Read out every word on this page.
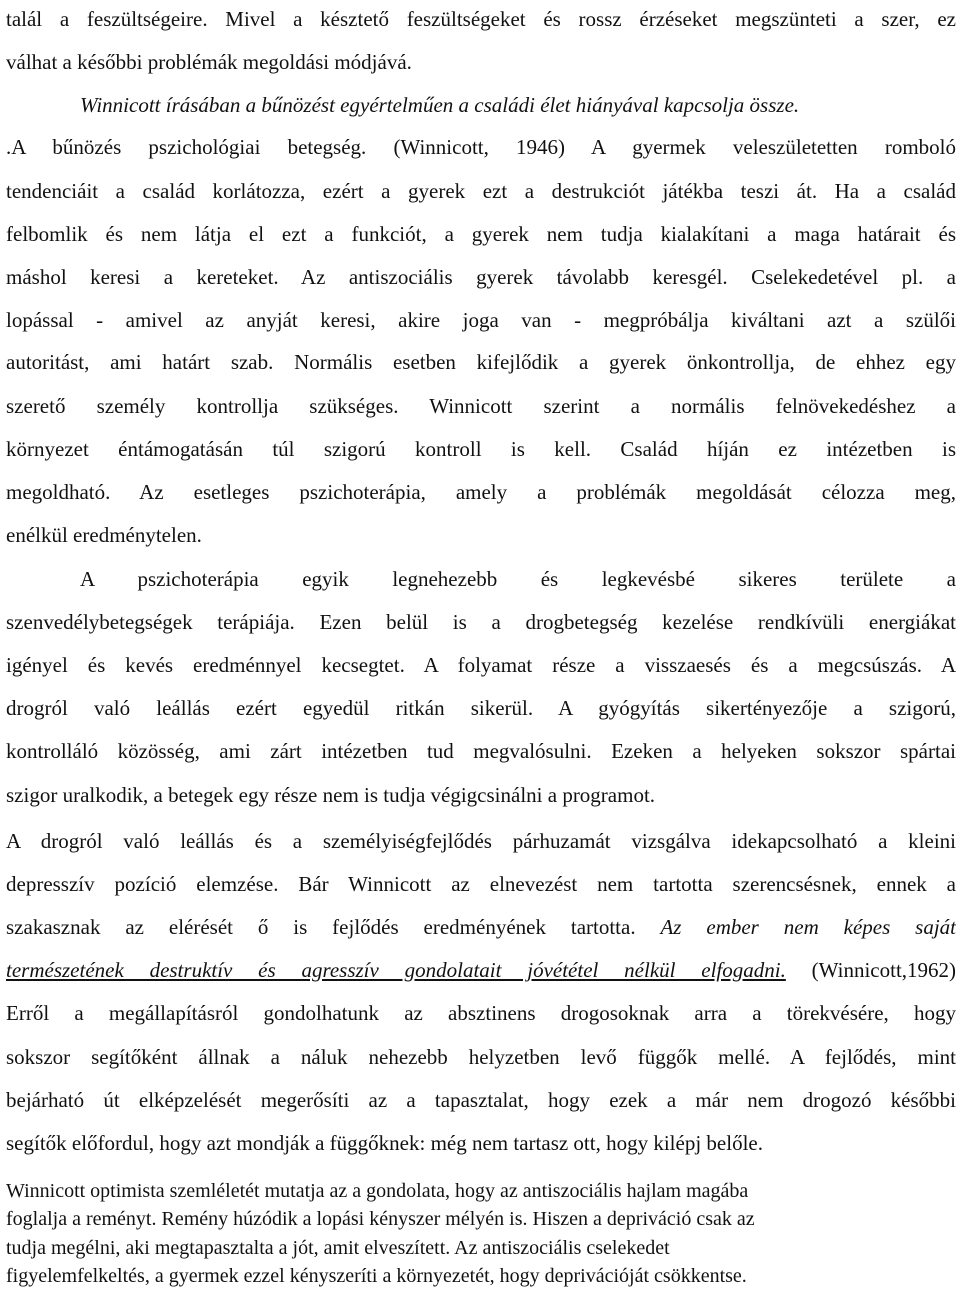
talál a feszültségeire. Mivel a késztető feszültségeket és rossz érzéseket megszünteti a szer, ez
válhat a későbbi problémák megoldási módjává.
Winnicott írásában a bűnözést egyértelműen a családi élet hiányával kapcsolja össze.
.A bűnözés pszichológiai betegség. (Winnicott, 1946) A gyermek veleszületetten romboló
tendenciáit a család korlátozza, ezért a gyerek ezt a destrukciót játékba teszi át. Ha a család
felbomlik és nem látja el ezt a funkciót, a gyerek nem tudja kialakítani a maga határait és
máshol keresi a kereteket. Az antiszociális gyerek távolabb keresgél. Cselekedetével pl. a
lopással - amivel az anyját keresi, akire joga van - megpróbálja kiváltani azt a szülői
autoritást, ami határt szab. Normális esetben kifejlődik a gyerek önkontrollja, de ehhez egy
szerető személy kontrollja szükséges. Winnicott szerint a normális felnövekedéshez a
környezet éntámogatásán túl szigorú kontroll is kell. Család híján ez intézetben is
megoldható. Az esetleges pszichoterápia, amely a problémák megoldását célozza meg,
enélkül eredménytelen.
A pszichoterápia egyik legnehezebb és legkevésbé sikeres területe a
szenvedélybetegségek terápiája. Ezen belül is a drogbetegség kezelése rendkívüli energiákat
igényel és kevés eredménnyel kecsegtet. A folyamat része a visszaesés és a megcsúszás. A
drogról való leállás ezért egyedül ritkán sikerül. A gyógyítás sikertényezője a szigorú,
kontrolláló közösség, ami zárt intézetben tud megvalósulni. Ezeken a helyeken sokszor spártai
szigor uralkodik, a betegek egy része nem is tudja végigcsinálni a programot.
A drogról való leállás és a személyiségfejlődés párhuzamát vizsgálva idekapcsolható a kleini
depresszív pozíció elemzése. Bár Winnicott az elnevezést nem tartotta szerencsésnek, ennek a
szakasznak az elérését ő is fejlődés eredményének tartotta. Az ember nem képes saját
természetének destruktív és agresszív gondolatait jóvététel nélkül elfogadni. (Winnicott,1962)
Erről a megállapításról gondolhatunk az absztinens drogosoknak arra a törekvésére, hogy
sokszor segítőként állnak a náluk nehezebb helyzetben levő függők mellé. A fejlődés, mint
bejárható út elképzelését megerősíti az a tapasztalat, hogy ezek a már nem drogozó későbbi
segítők előfordul, hogy azt mondják a függőknek: még nem tartasz ott, hogy kilépj belőle.
Winnicott optimista szemléletét mutatja az a gondolata, hogy az antiszociális hajlam magába
foglalja a reményt. Remény húzódik a lopási kényszer mélyén is. Hiszen a depriváció csak az
tudja megélni, aki megtapasztalta a jót, amit elveszített. Az antiszociális cselekedet
figyelemfelkeltés, a gyermek ezzel kényszeríti a környezetét, hogy deprivációját csökkentse.
